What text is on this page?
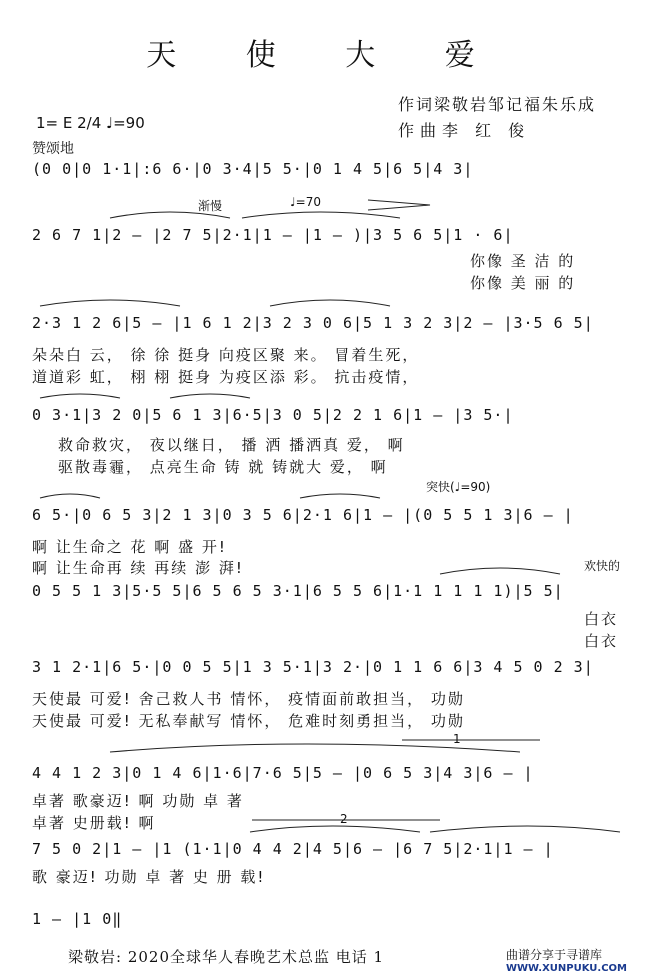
天 使 大 爱
作词梁敬岩邹记福朱乐成
作曲李 红 俊
1= E 2/4 ♩=90
赞颂地
(0 0|0 1·1|:6 6·|0 3·4|5 5·|0 1 4 5|6 5|4 3|
渐慢	♩=70
2 6 7 1|2 – |2 7 5|2·1|1 – |1 – )|3 5 6 5|1 · 6|
你像 圣 洁 的
你像 美 丽 的
2·3 1 2 6|5 – |1 6 1 2|3 2 3 0 6|5 1 3 2 3|2 – |3·5 6 5|
朵朵白 云， 徐 徐 挺身 向疫区聚 来。 冒着生死，
道道彩 虹， 栩 栩 挺身 为疫区添 彩。 抗击疫情，
0 3·1|3 2 0|5 6 1 3|6·5|3 0 5|2 2 1 6|1 – |3 5·|
救命救灾， 夜以继日， 播 洒 播洒真 爱， 啊
驱散毒霾， 点亮生命 铸 就 铸就大 爱， 啊
突快(♩=90)
6 5·|0 6 5 3|2 1 3|0 3 5 6|2·1 6|1 – |(0 5 5 1 3|6 – |
啊 让生命之 花 啊 盛 开!
啊 让生命再 续 再续 澎 湃!	欢快的
0 5 5 1 3|5·5 5|6 5 6 5 3·1|6 5 5 6|1·1 1 1 1 1)|5 5|
白衣
白衣
3 1 2·1|6 5·|0 0 5 5|1 3 5·1|3 2·|0 1 1 6 6|3 4 5 0 2 3|
天使最 可爱! 舍己救人书 情怀， 疫情面前敢担当， 功勋
天使最 可爱! 无私奉献写 情怀， 危难时刻勇担当， 功勋
1
4 4 1 2 3|0 1 4 6|1·6|7·6 5|5 – |0 6 5 3|4 3|6 – |
卓著 歌豪迈! 啊 功勋 卓 著
卓著 史册载! 啊	2
7 5 0 2|1 – |1 (1·1|0 4 4 2|4 5|6 – |6 7 5|2·1|1 – |
歌 豪迈! 功勋 卓 著 史 册 载!
1 – |1 0‖
梁敬岩: 2020全球华人春晚艺术总监 电话 1	曲谱分享于寻谱库
WWW.XUNPUKU.COM
